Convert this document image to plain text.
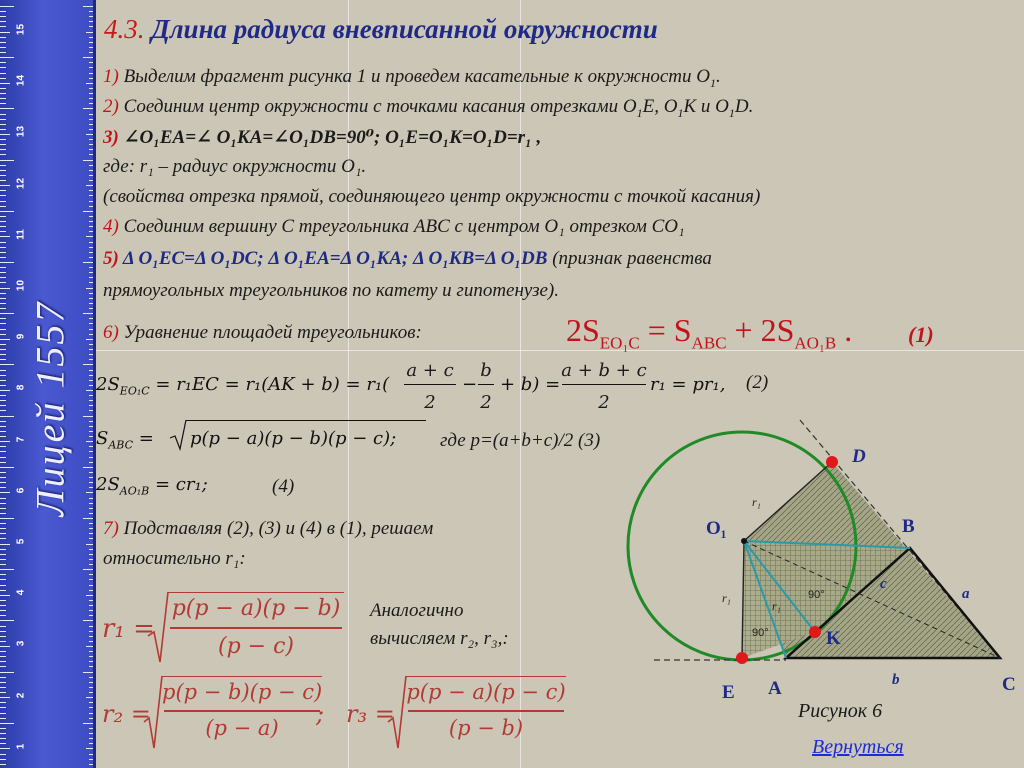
15
14
13
12
11
10
9
8
7
6
5
4
3
2
1
Лицей 1557
4.3. Длина радиуса вневписанной окружности
1) Выделим фрагмент рисунка 1 и проведем касательные к окружности $O_1$.
2) Соединим центр окружности с точками касания отрезками $O_1E$, $O_1K$ и $O_1D$.
3) ∠O₁EA=∠ O₁KA=∠O₁DB=90⁰; O₁E=O₁K=O₁D=r₁ ,
где: r₁ – радиус окружности O₁.
(свойства отрезка прямой, соединяющего центр окружности с точкой касания)
4) Соединим вершину C треугольника ABC с центром O₁ отрезком CO₁
5) Δ O₁EC=Δ O₁DC; Δ O₁EA=Δ O₁KA; Δ O₁KB=Δ O₁DB (признак равенства
прямоугольных треугольников по катету и гипотенузе).
6) Уравнение площадей треугольников:	$2S_{EO_1C} = S_{ABC} + 2S_{AO_1B}$ .	(1)
$2S_{EO_1C} = r_1EC = r_1(AK + b) = r_1$(
a + c
2
−
b
2
+ b) =
a + b + c
2
r₁ = pr₁, (2)
$S_{ABC} = p(p - a)(p - b)(p - c)$; где p=(a+b+c)/2 (3)
$2S_{AO_1B} = cr_1$;	(4)
7) Подставляя (2), (3) и (4) в (1), решаем
относительно r₁:
r₁ =
p(p − a)(p − b)
(p − c)
Аналогично
вычисляем r₂, r₃,:
r₂ =
p(p − b)(p − c)
(p − a)	; r₃ =
p(p − a)(p − c)
(p − b)
D
O₁	B
K
E A	C
a
b
c
r₁
r₁
r₁
90°
90°
Рисунок 6
Вернуться
